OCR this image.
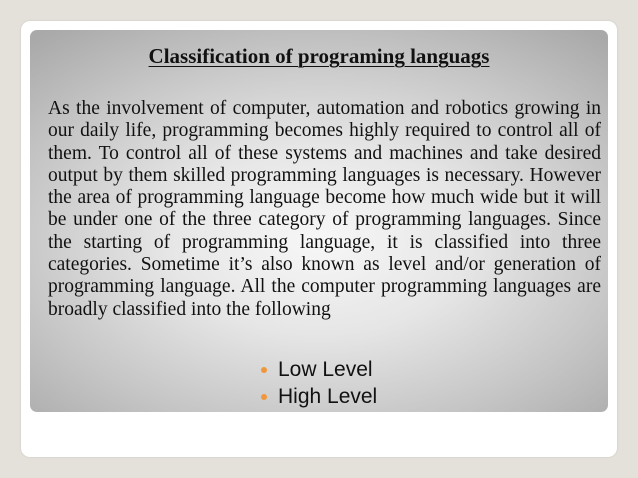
Classification of programing languags

As the involvement of computer, automation and robotics growing in our daily life, programming becomes highly required to control all of them. To control all of these systems and machines and take desired output by them skilled programming languages is necessary. However the area of programming language become how much wide but it will be under one of the three category of programming languages. Since the starting of programming language, it is classified into three categories. Sometime it’s also known as level and/or generation of programming language. All the computer programming languages are broadly classified into the following

Low Level
High Level
